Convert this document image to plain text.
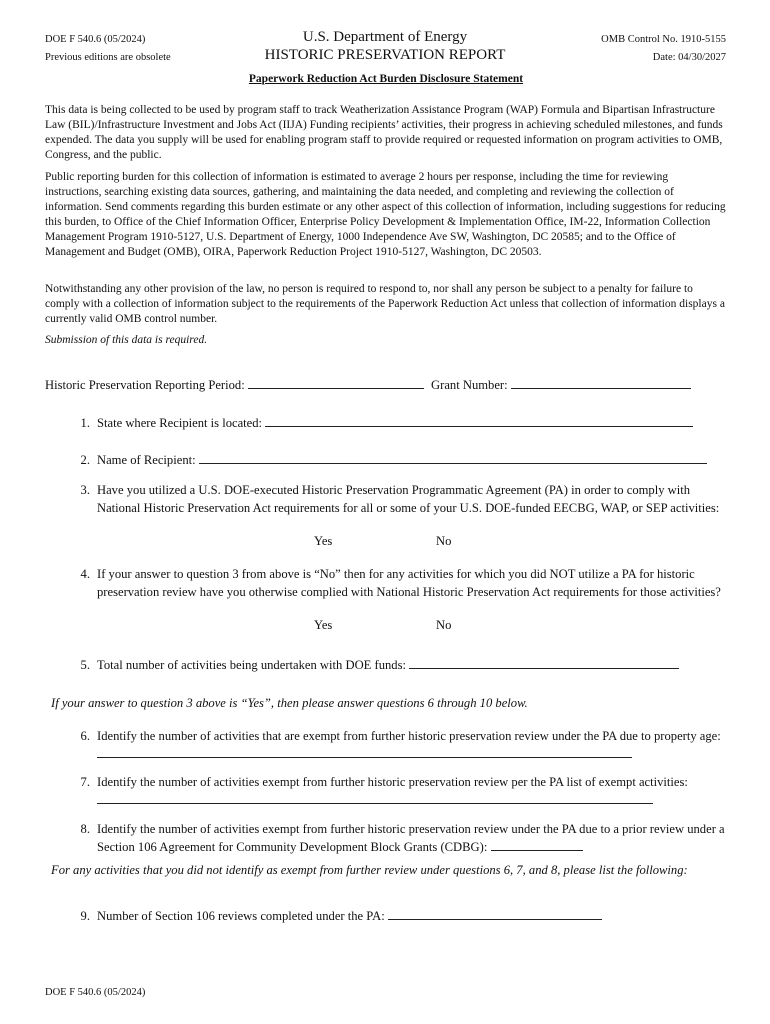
DOE F 540.6 (05/2024)
Previous editions are obsolete
U.S. Department of Energy
HISTORIC PRESERVATION REPORT
OMB Control No. 1910-5155
Date: 04/30/2027
Paperwork Reduction Act Burden Disclosure Statement
This data is being collected to be used by program staff to track Weatherization Assistance Program (WAP) Formula and Bipartisan Infrastructure Law (BIL)/Infrastructure Investment and Jobs Act (IIJA) Funding recipients’ activities, their progress in achieving scheduled milestones, and funds expended. The data you supply will be used for enabling program staff to provide required or requested information on program activities to OMB, Congress, and the public.
Public reporting burden for this collection of information is estimated to average 2 hours per response, including the time for reviewing instructions, searching existing data sources, gathering, and maintaining the data needed, and completing and reviewing the collection of information. Send comments regarding this burden estimate or any other aspect of this collection of information, including suggestions for reducing this burden, to Office of the Chief Information Officer, Enterprise Policy Development & Implementation Office, IM-22, Information Collection Management Program 1910-5127, U.S. Department of Energy, 1000 Independence Ave SW, Washington, DC 20585; and to the Office of Management and Budget (OMB), OIRA, Paperwork Reduction Project 1910-5127, Washington, DC 20503.
Notwithstanding any other provision of the law, no person is required to respond to, nor shall any person be subject to a penalty for failure to comply with a collection of information subject to the requirements of the Paperwork Reduction Act unless that collection of information displays a currently valid OMB control number.
Submission of this data is required.
Historic Preservation Reporting Period:	Grant Number:
1. State where Recipient is located:
2. Name of Recipient:
3. Have you utilized a U.S. DOE-executed Historic Preservation Programmatic Agreement (PA) in order to comply with National Historic Preservation Act requirements for all or some of your U.S. DOE-funded EECBG, WAP, or SEP activities:
Yes	No
4. If your answer to question 3 from above is “No” then for any activities for which you did NOT utilize a PA for historic preservation review have you otherwise complied with National Historic Preservation Act requirements for those activities?
Yes	No
5. Total number of activities being undertaken with DOE funds:
If your answer to question 3 above is “Yes”, then please answer questions 6 through 10 below.
6. Identify the number of activities that are exempt from further historic preservation review under the PA due to property age:
7. Identify the number of activities exempt from further historic preservation review per the PA list of exempt activities:
8. Identify the number of activities exempt from further historic preservation review under the PA due to a prior review under a Section 106 Agreement for Community Development Block Grants (CDBG):
For any activities that you did not identify as exempt from further review under questions 6, 7, and 8, please list the following:
9. Number of Section 106 reviews completed under the PA:
DOE F 540.6 (05/2024)
